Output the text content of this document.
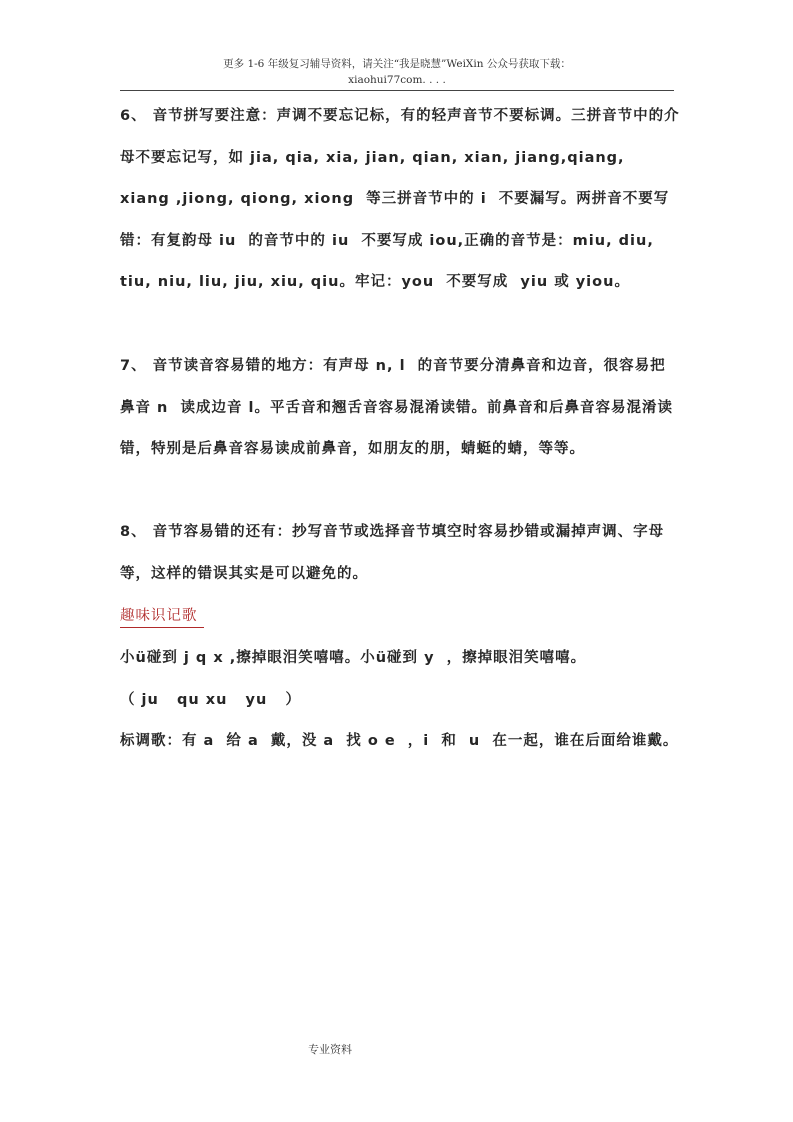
更多 1-6 年级复习辅导资料，请关注“我是晓慧”WeiXin 公众号获取下载：
xiaohui77com. . . .

6、 音节拼写要注意：声调不要忘记标，有的轻声音节不要标调。三拼音节中的介母不要忘记写，如 jia, qia, xia, jian, qian, xian, jiang,qiang, xiang ,jiong, qiong, xiong  等三拼音节中的 i  不要漏写。两拼音不要写错：有复韵母 iu  的音节中的 iu  不要写成 iou,正确的音节是：miu, diu, tiu, niu, liu, jiu, xiu, qiu。牢记：you  不要写成  yiu 或 yiou。

7、 音节读音容易错的地方：有声母 n, l  的音节要分清鼻音和边音，很容易把鼻音 n  读成边音 l。平舌音和翘舌音容易混淆读错。前鼻音和后鼻音容易混淆读错，特别是后鼻音容易读成前鼻音，如朋友的朋，蜻蜓的蜻，等等。

8、 音节容易错的还有：抄写音节或选择音节填空时容易抄错或漏掉声调、字母等，这样的错误其实是可以避免的。

趣味识记歌

小ü碰到 j q x ,擦掉眼泪笑嘻嘻。小ü碰到 y  ，擦掉眼泪笑嘻嘻。

（ ju   qu xu   yu   ）

标调歌：有 a  给 a  戴，没 a  找 o e  ，i  和  u  在一起，谁在后面给谁戴。

专业资料
